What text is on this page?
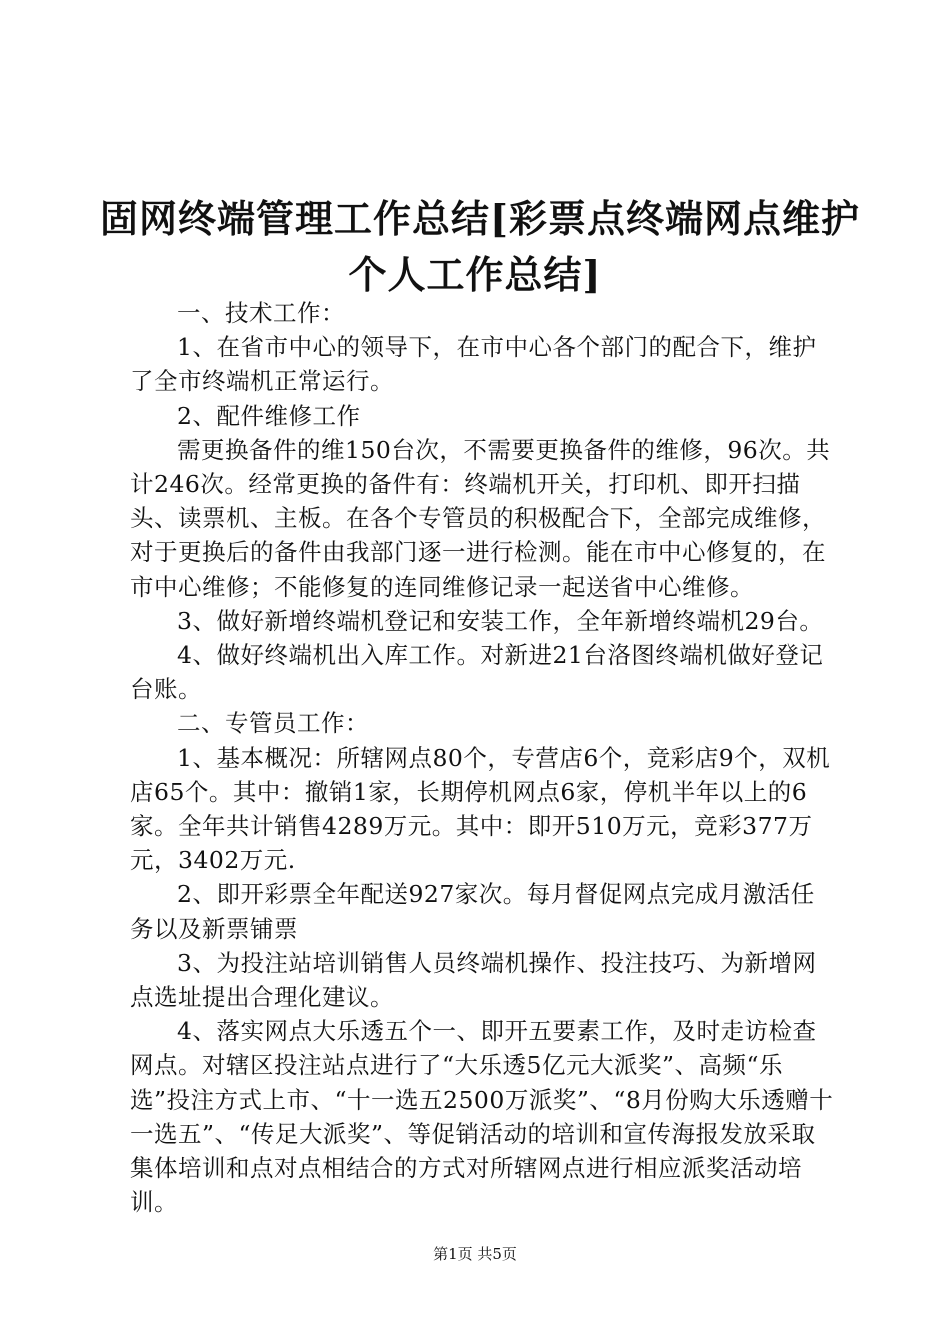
固网终端管理工作总结[彩票点终端网点维护
个人工作总结]

一、技术工作：

1、在省市中心的领导下，在市中心各个部门的配合下，维护了全市终端机正常运行。

2、配件维修工作

需更换备件的维150台次，不需要更换备件的维修，96次。共计246次。经常更换的备件有：终端机开关，打印机、即开扫描头、读票机、主板。在各个专管员的积极配合下，全部完成维修，对于更换后的备件由我部门逐一进行检测。能在市中心修复的，在市中心维修；不能修复的连同维修记录一起送省中心维修。

3、做好新增终端机登记和安装工作，全年新增终端机29台。

4、做好终端机出入库工作。对新进21台洛图终端机做好登记台账。

二、专管员工作：

1、基本概况：所辖网点80个，专营店6个，竞彩店9个，双机店65个。其中：撤销1家，长期停机网点6家，停机半年以上的6家。全年共计销售4289万元。其中：即开510万元，竞彩377万元，3402万元.

2、即开彩票全年配送927家次。每月督促网点完成月激活任务以及新票铺票

3、为投注站培训销售人员终端机操作、投注技巧、为新增网点选址提出合理化建议。

4、落实网点大乐透五个一、即开五要素工作，及时走访检查网点。对辖区投注站点进行了“大乐透5亿元大派奖”、高频“乐选”投注方式上市、“十一选五2500万派奖”、“8月份购大乐透赠十一选五”、“传足大派奖”、等促销活动的培训和宣传海报发放采取集体培训和点对点相结合的方式对所辖网点进行相应派奖活动培训。

第1页 共5页
